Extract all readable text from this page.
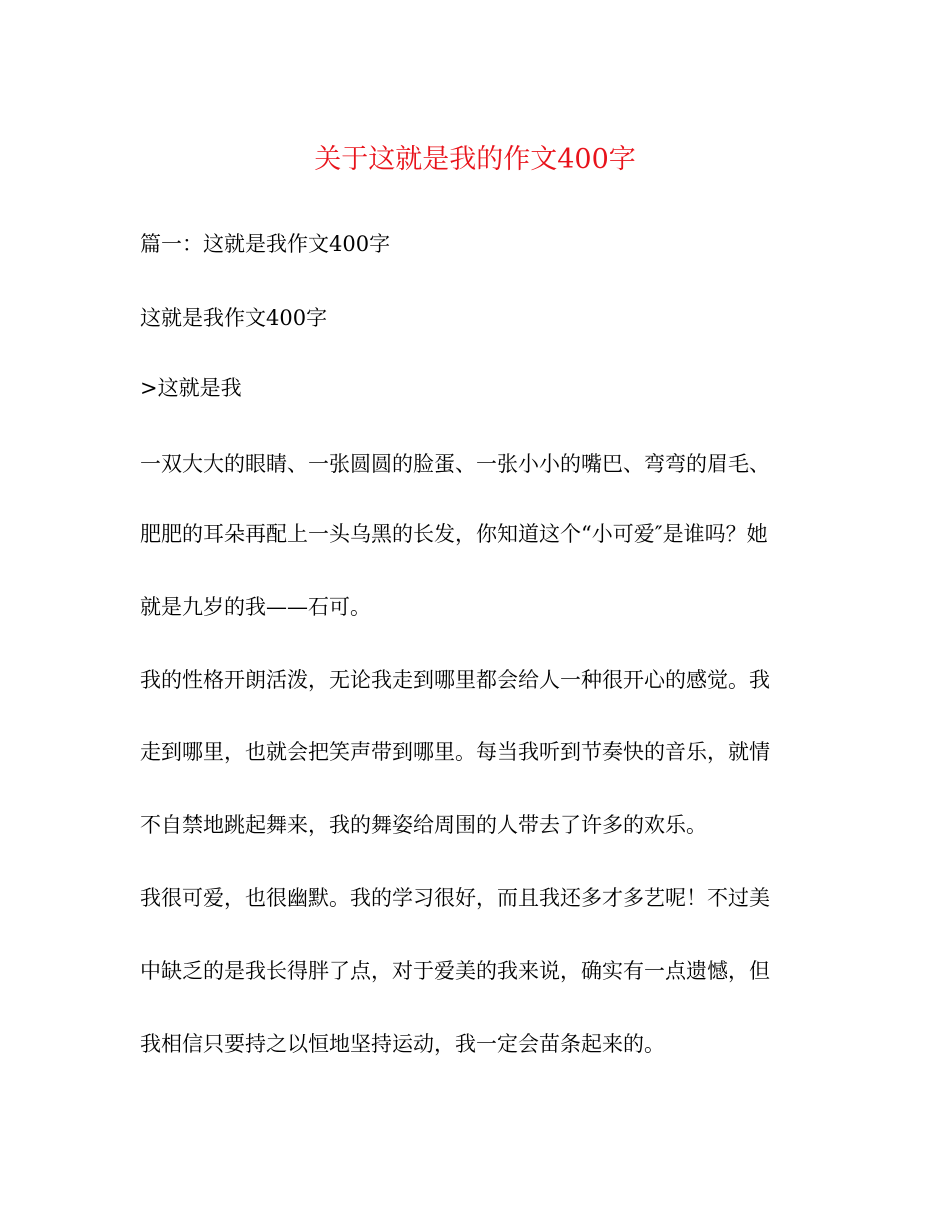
关于这就是我的作文400字

篇一：这就是我作文400字

这就是我作文400字

>这就是我

一双大大的眼睛、一张圆圆的脸蛋、一张小小的嘴巴、弯弯的眉毛、

肥肥的耳朵再配上一头乌黑的长发，你知道这个“小可爱″是谁吗？她

就是九岁的我——石可。

我的性格开朗活泼，无论我走到哪里都会给人一种很开心的感觉。我

走到哪里，也就会把笑声带到哪里。每当我听到节奏快的音乐，就情

不自禁地跳起舞来，我的舞姿给周围的人带去了许多的欢乐。

我很可爱，也很幽默。我的学习很好，而且我还多才多艺呢！不过美

中缺乏的是我长得胖了点，对于爱美的我来说，确实有一点遗憾，但

我相信只要持之以恒地坚持运动，我一定会苗条起来的。
